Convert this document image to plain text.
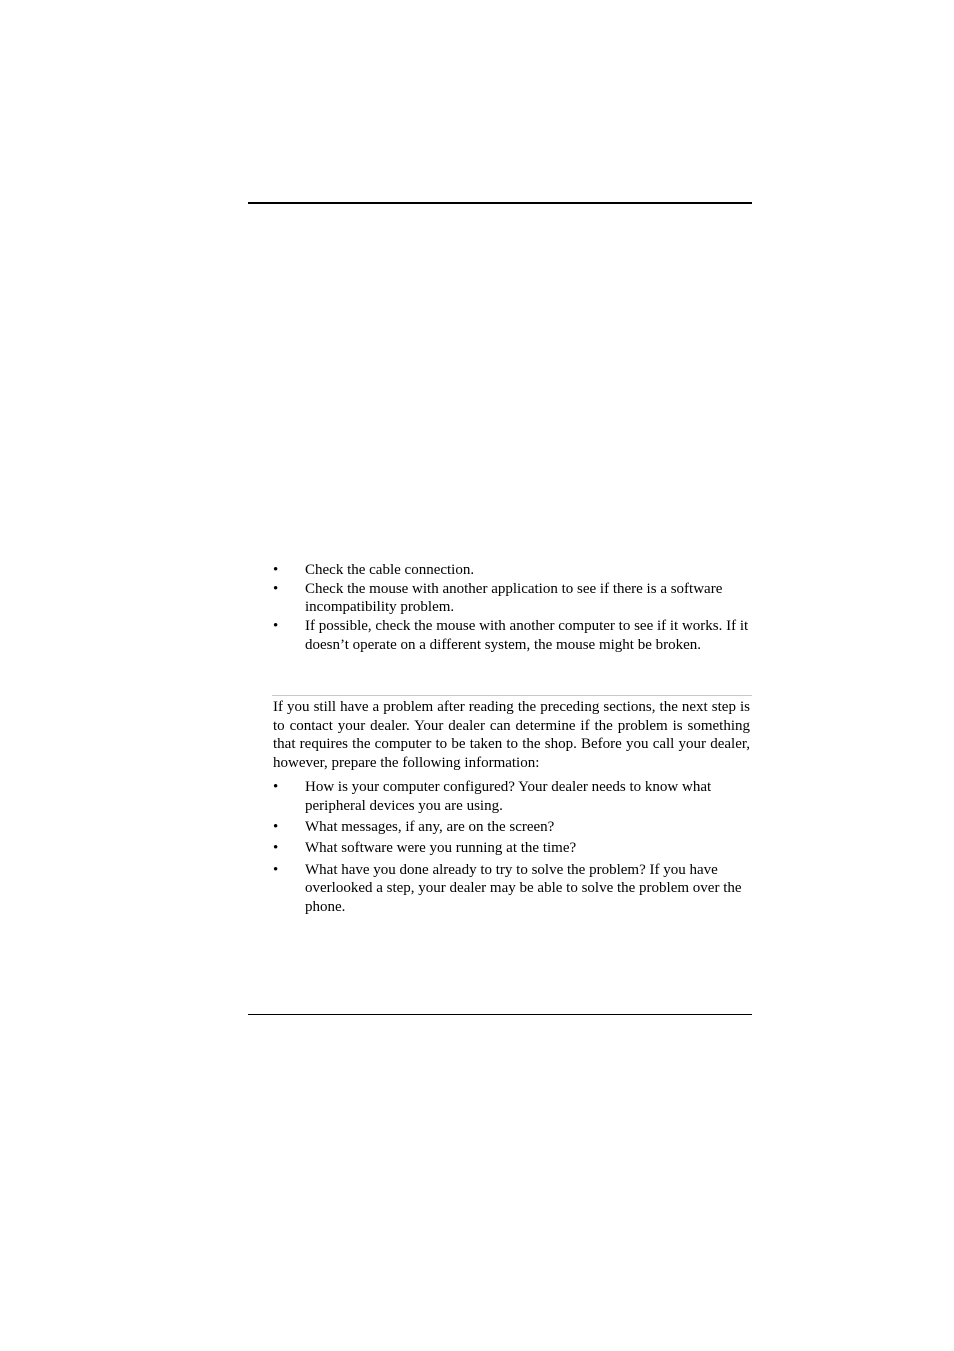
• Check the cable connection.
• Check the mouse with another application to see if there is a software incompatibility problem.
• If possible, check the mouse with another computer to see if it works. If it doesn’t operate on a different system, the mouse might be broken.

If you still have a problem after reading the preceding sections, the next step is to contact your dealer. Your dealer can determine if the problem is something that requires the computer to be taken to the shop. Before you call your dealer, however, prepare the following information:

• How is your computer configured? Your dealer needs to know what peripheral devices you are using.
• What messages, if any, are on the screen?
• What software were you running at the time?
• What have you done already to try to solve the problem? If you have overlooked a step, your dealer may be able to solve the problem over the phone.
